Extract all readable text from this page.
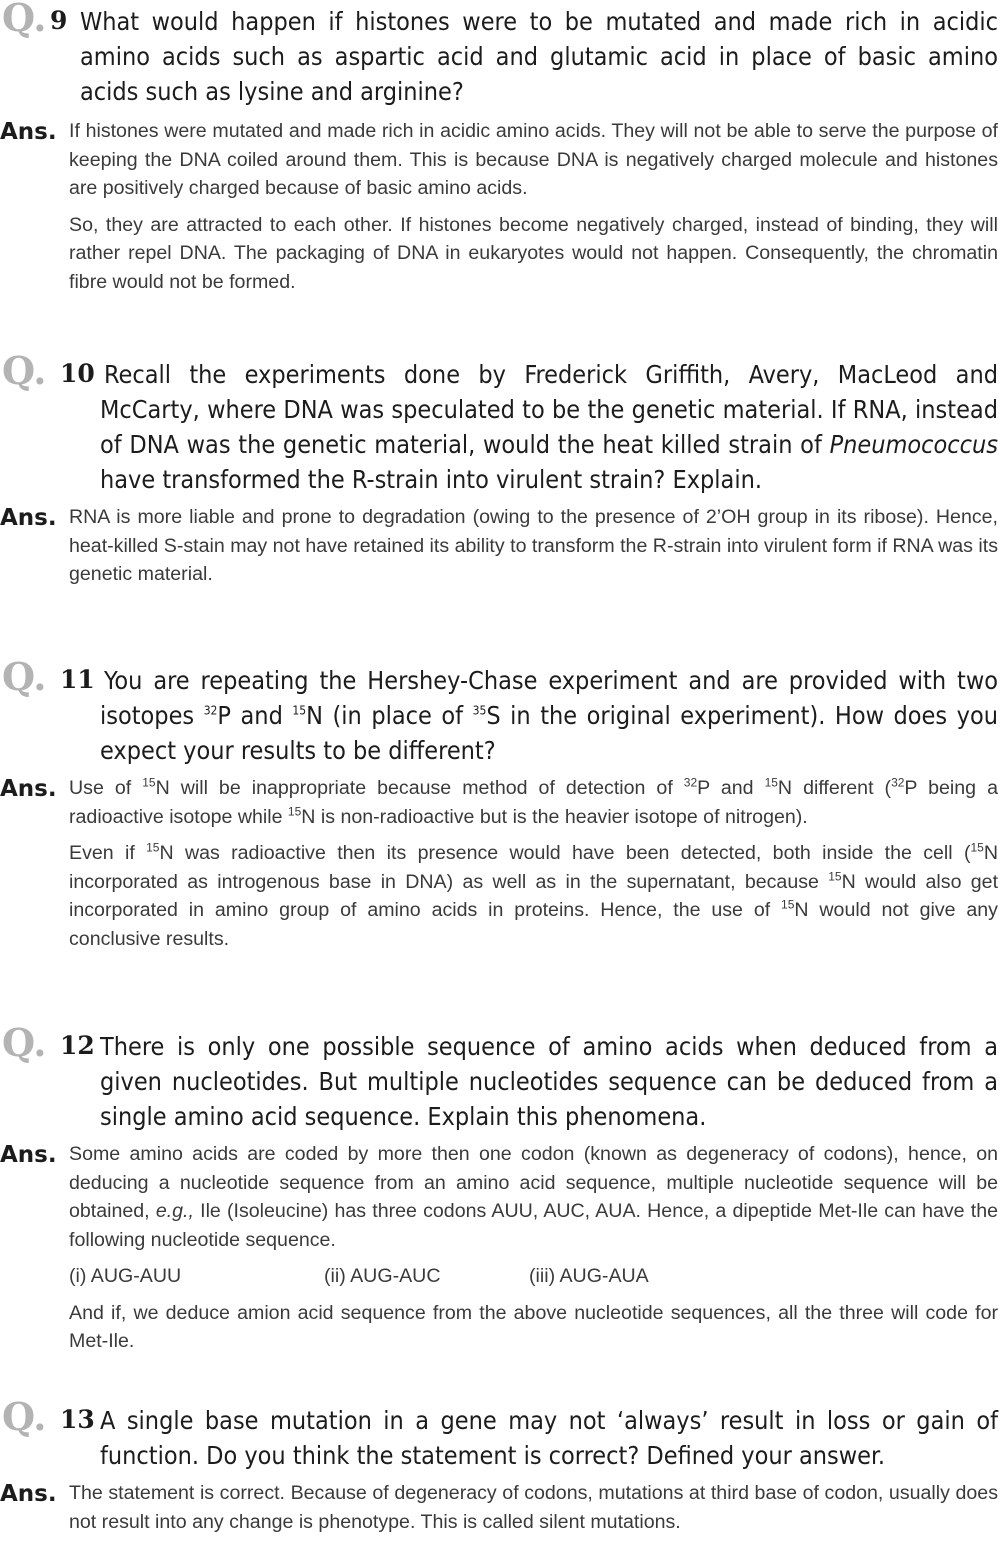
Q. 9 What would happen if histones were to be mutated and made rich in acidic amino acids such as aspartic acid and glutamic acid in place of basic amino acids such as lysine and arginine?
Ans. If histones were mutated and made rich in acidic amino acids. They will not be able to serve the purpose of keeping the DNA coiled around them. This is because DNA is negatively charged molecule and histones are positively charged because of basic amino acids.

So, they are attracted to each other. If histones become negatively charged, instead of binding, they will rather repel DNA. The packaging of DNA in eukaryotes would not happen. Consequently, the chromatin fibre would not be formed.

Q. 10 Recall the experiments done by Frederick Griffith, Avery, MacLeod and McCarty, where DNA was speculated to be the genetic material. If RNA, instead of DNA was the genetic material, would the heat killed strain of Pneumococcus have transformed the R-strain into virulent strain? Explain.
Ans. RNA is more liable and prone to degradation (owing to the presence of 2’OH group in its ribose). Hence, heat-killed S-stain may not have retained its ability to transform the R-strain into virulent form if RNA was its genetic material.

Q. 11 You are repeating the Hershey-Chase experiment and are provided with two isotopes $^{32}$P and $^{15}$N (in place of $^{35}$S in the original experiment). How does you expect your results to be different?
Ans. Use of $^{15}$N will be inappropriate because method of detection of $^{32}$P and $^{15}$N different ($^{32}$P being a radioactive isotope while $^{15}$N is non-radioactive but is the heavier isotope of nitrogen).

Even if $^{15}$N was radioactive then its presence would have been detected, both inside the cell ($^{15}$N incorporated as introgenous base in DNA) as well as in the supernatant, because $^{15}$N would also get incorporated in amino group of amino acids in proteins. Hence, the use of $^{15}$N would not give any conclusive results.

Q. 12 There is only one possible sequence of amino acids when deduced from a given nucleotides. But multiple nucleotides sequence can be deduced from a single amino acid sequence. Explain this phenomena.
Ans. Some amino acids are coded by more then one codon (known as degeneracy of codons), hence, on deducing a nucleotide sequence from an amino acid sequence, multiple nucleotide sequence will be obtained, e.g., Ile (Isoleucine) has three codons AUU, AUC, AUA. Hence, a dipeptide Met-Ile can have the following nucleotide sequence.

(i) AUG-AUU	(ii) AUG-AUC	(iii) AUG-AUA

And if, we deduce amion acid sequence from the above nucleotide sequences, all the three will code for Met-Ile.

Q. 13 A single base mutation in a gene may not ‘always’ result in loss or gain of function. Do you think the statement is correct? Defined your answer.
Ans. The statement is correct. Because of degeneracy of codons, mutations at third base of codon, usually does not result into any change is phenotype. This is called silent mutations.
